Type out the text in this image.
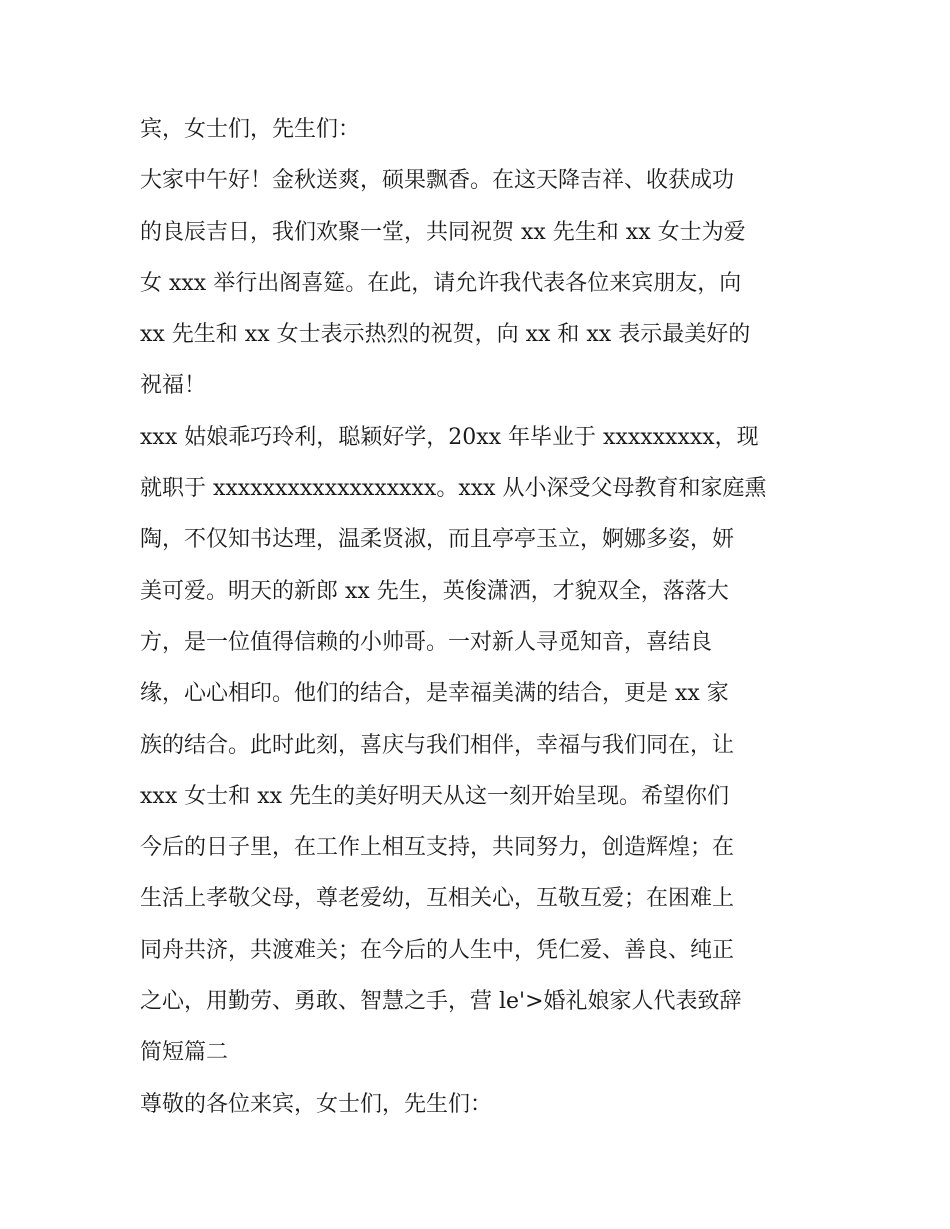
宾，女士们，先生们：
大家中午好！金秋送爽，硕果飘香。在这天降吉祥、收获成功
的良辰吉日，我们欢聚一堂，共同祝贺 xx 先生和 xx 女士为爱
女 xxx 举行出阁喜筵。在此，请允许我代表各位来宾朋友，向
xx 先生和 xx 女士表示热烈的祝贺，向 xx 和 xx 表示最美好的
祝福！
xxx 姑娘乖巧玲利，聪颖好学，20xx 年毕业于 xxxxxxxxx，现
就职于 xxxxxxxxxxxxxxxxxx。xxx 从小深受父母教育和家庭熏
陶，不仅知书达理，温柔贤淑，而且亭亭玉立，婀娜多姿，妍
美可爱。明天的新郎 xx 先生，英俊潇洒，才貌双全，落落大
方，是一位值得信赖的小帅哥。一对新人寻觅知音，喜结良
缘，心心相印。他们的结合，是幸福美满的结合，更是 xx 家
族的结合。此时此刻，喜庆与我们相伴，幸福与我们同在，让
xxx 女士和 xx 先生的美好明天从这一刻开始呈现。希望你们
今后的日子里，在工作上相互支持，共同努力，创造辉煌；在
生活上孝敬父母，尊老爱幼，互相关心，互敬互爱；在困难上
同舟共济，共渡难关；在今后的人生中，凭仁爱、善良、纯正
之心，用勤劳、勇敢、智慧之手，营 le'>婚礼娘家人代表致辞
简短篇二
尊敬的各位来宾，女士们，先生们：
